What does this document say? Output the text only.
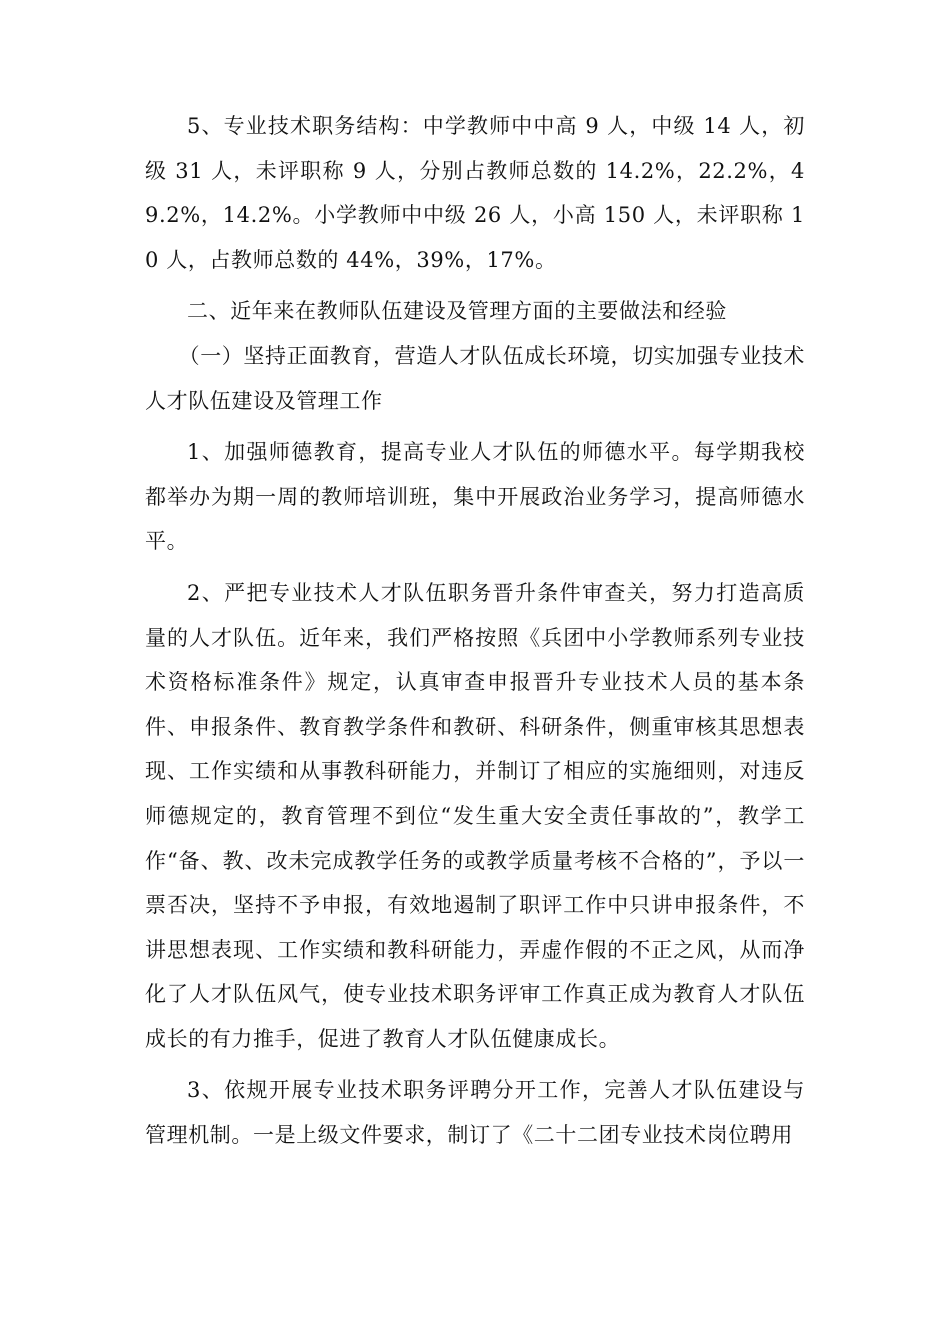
5、专业技术职务结构：中学教师中中高 9 人，中级 14 人，初级 31 人，未评职称 9 人，分别占教师总数的 14.2%，22.2%，49.2%，14.2%。小学教师中中级 26 人，小高 150 人，未评职称 10 人，占教师总数的 44%，39%，17%。

二、近年来在教师队伍建设及管理方面的主要做法和经验

（一）坚持正面教育，营造人才队伍成长环境，切实加强专业技术人才队伍建设及管理工作

1、加强师德教育，提高专业人才队伍的师德水平。每学期我校都举办为期一周的教师培训班，集中开展政治业务学习，提高师德水平。

2、严把专业技术人才队伍职务晋升条件审查关，努力打造高质量的人才队伍。近年来，我们严格按照《兵团中小学教师系列专业技术资格标准条件》规定，认真审查申报晋升专业技术人员的基本条件、申报条件、教育教学条件和教研、科研条件，侧重审核其思想表现、工作实绩和从事教科研能力，并制订了相应的实施细则，对违反师德规定的，教育管理不到位“发生重大安全责任事故的”，教学工作“备、教、改未完成教学任务的或教学质量考核不合格的”，予以一票否决，坚持不予申报，有效地遏制了职评工作中只讲申报条件，不讲思想表现、工作实绩和教科研能力，弄虚作假的不正之风，从而净化了人才队伍风气，使专业技术职务评审工作真正成为教育人才队伍成长的有力推手，促进了教育人才队伍健康成长。

3、依规开展专业技术职务评聘分开工作，完善人才队伍建设与管理机制。一是上级文件要求，制订了《二十二团专业技术岗位聘用
